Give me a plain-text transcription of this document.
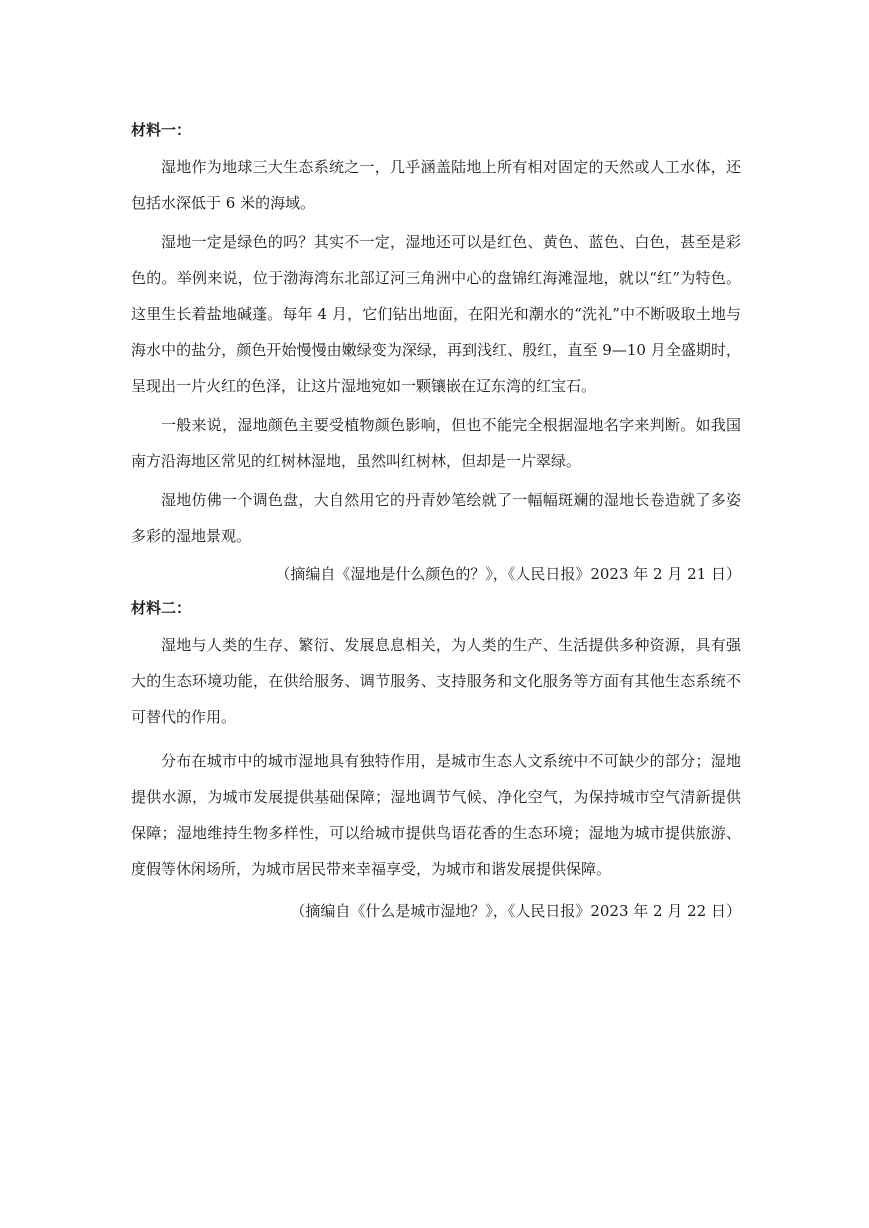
材料一：

湿地作为地球三大生态系统之一，几乎涵盖陆地上所有相对固定的天然或人工水体，还包括水深低于 6 米的海域。

湿地一定是绿色的吗？其实不一定，湿地还可以是红色、黄色、蓝色、白色，甚至是彩色的。举例来说，位于渤海湾东北部辽河三角洲中心的盘锦红海滩湿地，就以“红”为特色。这里生长着盐地碱蓬。每年 4 月，它们钻出地面，在阳光和潮水的“洗礼”中不断吸取土地与海水中的盐分，颜色开始慢慢由嫩绿变为深绿，再到浅红、殷红，直至 9—10 月全盛期时，呈现出一片火红的色泽，让这片湿地宛如一颗镶嵌在辽东湾的红宝石。

一般来说，湿地颜色主要受植物颜色影响，但也不能完全根据湿地名字来判断。如我国南方沿海地区常见的红树林湿地，虽然叫红树林，但却是一片翠绿。

湿地仿佛一个调色盘，大自然用它的丹青妙笔绘就了一幅幅斑斓的湿地长卷造就了多姿多彩的湿地景观。

（摘编自《湿地是什么颜色的？》，《人民日报》2023 年 2 月 21 日）

材料二：

湿地与人类的生存、繁衍、发展息息相关，为人类的生产、生活提供多种资源，具有强大的生态环境功能，在供给服务、调节服务、支持服务和文化服务等方面有其他生态系统不可替代的作用。

分布在城市中的城市湿地具有独特作用，是城市生态人文系统中不可缺少的部分；湿地提供水源，为城市发展提供基础保障；湿地调节气候、净化空气，为保持城市空气清新提供保障；湿地维持生物多样性，可以给城市提供鸟语花香的生态环境；湿地为城市提供旅游、度假等休闲场所，为城市居民带来幸福享受，为城市和谐发展提供保障。

（摘编自《什么是城市湿地？》，《人民日报》2023 年 2 月 22 日）
